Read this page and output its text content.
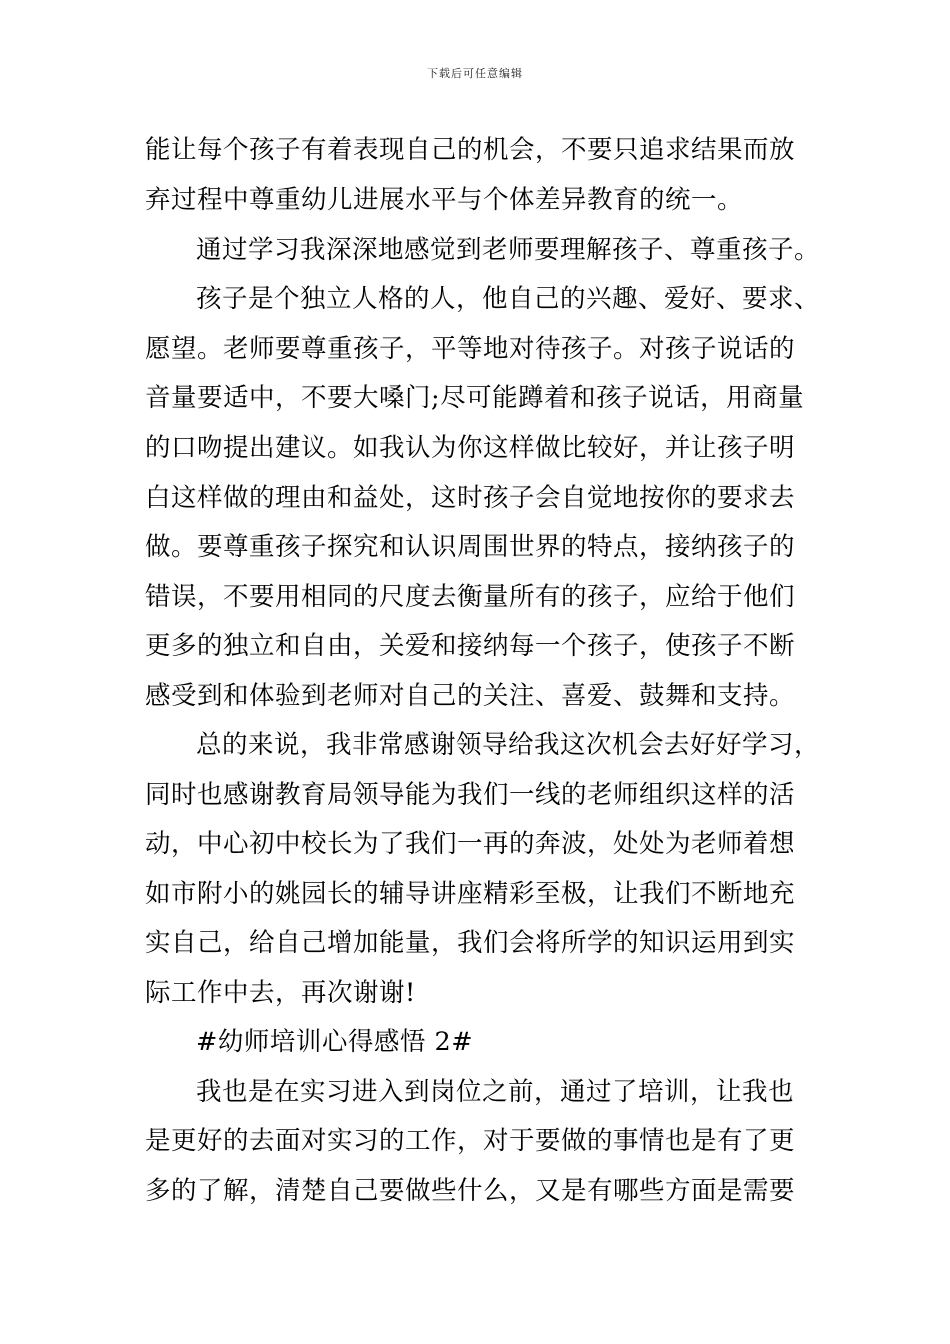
下载后可任意编辑
能让每个孩子有着表现自己的机会，不要只追求结果而放
弃过程中尊重幼儿进展水平与个体差异教育的统一。
通过学习我深深地感觉到老师要理解孩子、尊重孩子。
孩子是个独立人格的人，他自己的兴趣、爱好、要求、
愿望。老师要尊重孩子，平等地对待孩子。对孩子说话的
音量要适中，不要大嗓门;尽可能蹲着和孩子说话，用商量
的口吻提出建议。如我认为你这样做比较好，并让孩子明
白这样做的理由和益处，这时孩子会自觉地按你的要求去
做。要尊重孩子探究和认识周围世界的特点，接纳孩子的
错误，不要用相同的尺度去衡量所有的孩子，应给于他们
更多的独立和自由，关爱和接纳每一个孩子，使孩子不断
感受到和体验到老师对自己的关注、喜爱、鼓舞和支持。
总的来说，我非常感谢领导给我这次机会去好好学习，
同时也感谢教育局领导能为我们一线的老师组织这样的活
动，中心初中校长为了我们一再的奔波，处处为老师着想
如市附小的姚园长的辅导讲座精彩至极，让我们不断地充
实自己，给自己增加能量，我们会将所学的知识运用到实
际工作中去，再次谢谢!
#幼师培训心得感悟 2#
我也是在实习进入到岗位之前，通过了培训，让我也
是更好的去面对实习的工作，对于要做的事情也是有了更
多的了解，清楚自己要做些什么，又是有哪些方面是需要
